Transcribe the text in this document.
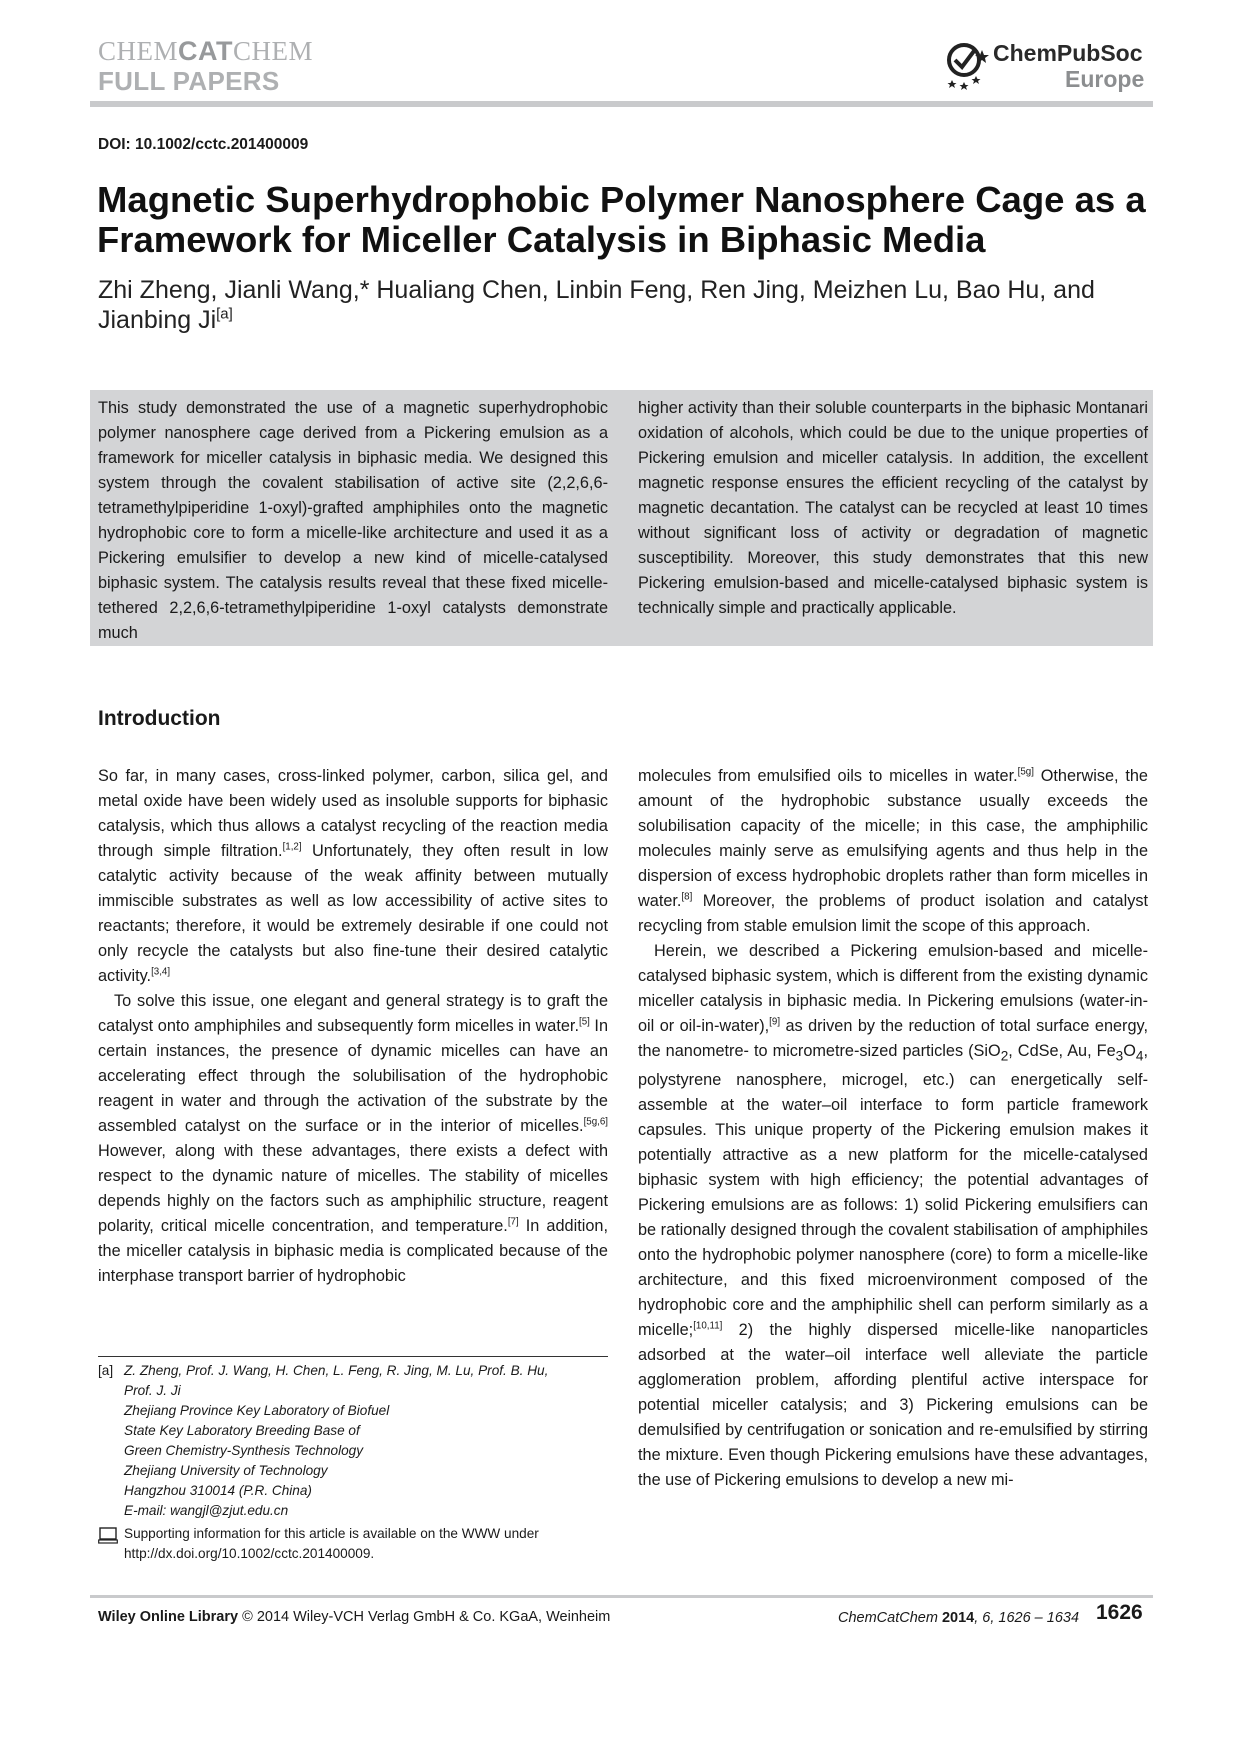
CHEMCATCHEM
FULL PAPERS
ChemPubSoc
Europe
DOI: 10.1002/cctc.201400009
Magnetic Superhydrophobic Polymer Nanosphere Cage as a Framework for Miceller Catalysis in Biphasic Media
Zhi Zheng, Jianli Wang,* Hualiang Chen, Linbin Feng, Ren Jing, Meizhen Lu, Bao Hu, and Jianbing Ji[a]
This study demonstrated the use of a magnetic superhydrophobic polymer nanosphere cage derived from a Pickering emulsion as a framework for miceller catalysis in biphasic media. We designed this system through the covalent stabilisation of active site (2,2,6,6-tetramethylpiperidine 1-oxyl)-grafted amphiphiles onto the magnetic hydrophobic core to form a micelle-like architecture and used it as a Pickering emulsifier to develop a new kind of micelle-catalysed biphasic system. The catalysis results reveal that these fixed micelle-tethered 2,2,6,6-tetramethylpiperidine 1-oxyl catalysts demonstrate much
higher activity than their soluble counterparts in the biphasic Montanari oxidation of alcohols, which could be due to the unique properties of Pickering emulsion and miceller catalysis. In addition, the excellent magnetic response ensures the efficient recycling of the catalyst by magnetic decantation. The catalyst can be recycled at least 10 times without significant loss of activity or degradation of magnetic susceptibility. Moreover, this study demonstrates that this new Pickering emulsion-based and micelle-catalysed biphasic system is technically simple and practically applicable.
Introduction

So far, in many cases, cross-linked polymer, carbon, silica gel, and metal oxide have been widely used as insoluble supports for biphasic catalysis, which thus allows a catalyst recycling of the reaction media through simple filtration.[1,2] Unfortunately, they often result in low catalytic activity because of the weak affinity between mutually immiscible substrates as well as low accessibility of active sites to reactants; therefore, it would be extremely desirable if one could not only recycle the catalysts but also fine-tune their desired catalytic activity.[3,4]

To solve this issue, one elegant and general strategy is to graft the catalyst onto amphiphiles and subsequently form micelles in water.[5] In certain instances, the presence of dynamic micelles can have an accelerating effect through the solubilisation of the hydrophobic reagent in water and through the activation of the substrate by the assembled catalyst on the surface or in the interior of micelles.[5g,6] However, along with these advantages, there exists a defect with respect to the dynamic nature of micelles. The stability of micelles depends highly on the factors such as amphiphilic structure, reagent polarity, critical micelle concentration, and temperature.[7] In addition, the miceller catalysis in biphasic media is complicated because of the interphase transport barrier of hydrophobic

molecules from emulsified oils to micelles in water.[5g] Otherwise, the amount of the hydrophobic substance usually exceeds the solubilisation capacity of the micelle; in this case, the amphiphilic molecules mainly serve as emulsifying agents and thus help in the dispersion of excess hydrophobic droplets rather than form micelles in water.[8] Moreover, the problems of product isolation and catalyst recycling from stable emulsion limit the scope of this approach.

Herein, we described a Pickering emulsion-based and micelle-catalysed biphasic system, which is different from the existing dynamic miceller catalysis in biphasic media. In Pickering emulsions (water-in-oil or oil-in-water),[9] as driven by the reduction of total surface energy, the nanometre- to micrometre-sized particles (SiO$_2$, CdSe, Au, $Fe_3O_4$, polystyrene nanosphere, microgel, etc.) can energetically self-assemble at the water–oil interface to form particle framework capsules. This unique property of the Pickering emulsion makes it potentially attractive as a new platform for the micelle-catalysed biphasic system with high efficiency; the potential advantages of Pickering emulsions are as follows: 1) solid Pickering emulsifiers can be rationally designed through the covalent stabilisation of amphiphiles onto the hydrophobic polymer nanosphere (core) to form a micelle-like architecture, and this fixed microenvironment composed of the hydrophobic core and the amphiphilic shell can perform similarly as a micelle;[10,11] 2) the highly dispersed micelle-like nanoparticles adsorbed at the water–oil interface well alleviate the particle agglomeration problem, affording plentiful active interspace for potential miceller catalysis; and 3) Pickering emulsions can be demulsified by centrifugation or sonication and re-emulsified by stirring the mixture. Even though Pickering emulsions have these advantages, the use of Pickering emulsions to develop a new mi-

[a] Z. Zheng, Prof. J. Wang, H. Chen, L. Feng, R. Jing, M. Lu, Prof. B. Hu,
Prof. J. Ji
Zhejiang Province Key Laboratory of Biofuel
State Key Laboratory Breeding Base of
Green Chemistry-Synthesis Technology
Zhejiang University of Technology
Hangzhou 310014 (P.R. China)
E-mail: wangjl@zjut.edu.cn
Supporting information for this article is available on the WWW under http://dx.doi.org/10.1002/cctc.201400009.
Wiley Online Library © 2014 Wiley-VCH Verlag GmbH & Co. KGaA, Weinheim	ChemCatChem 2014, 6, 1626 – 1634 1626
